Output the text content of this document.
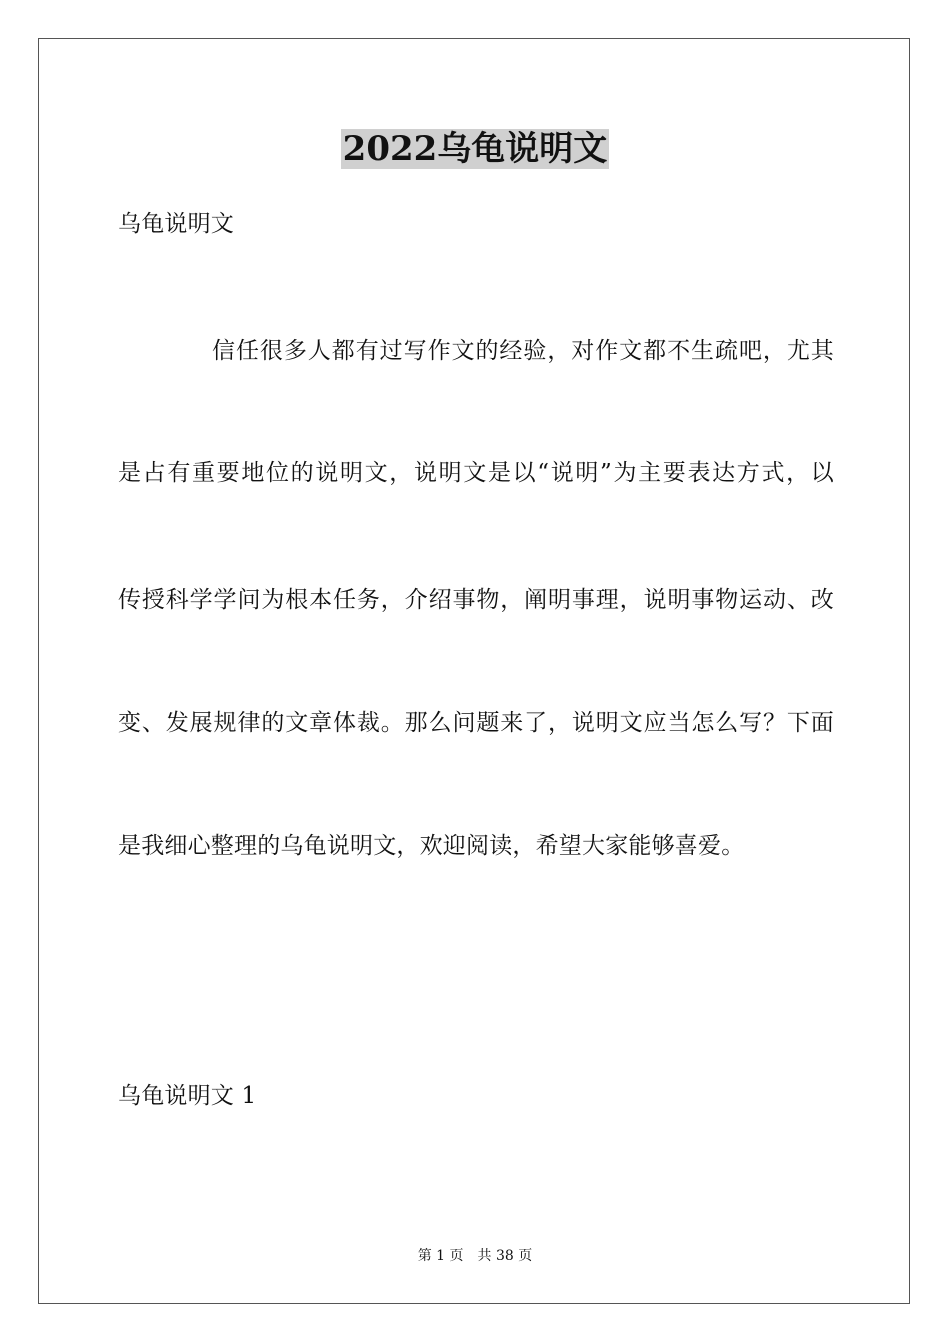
2022乌龟说明文
乌龟说明文
信任很多人都有过写作文的经验，对作文都不生疏吧，尤其
是占有重要地位的说明文，说明文是以“说明”为主要表达方式，以
传授科学学问为根本任务，介绍事物，阐明事理，说明事物运动、改
变、发展规律的文章体裁。那么问题来了，说明文应当怎么写？下面
是我细心整理的乌龟说明文，欢迎阅读，希望大家能够喜爱。
乌龟说明文 1
第 1 页　共 38 页
